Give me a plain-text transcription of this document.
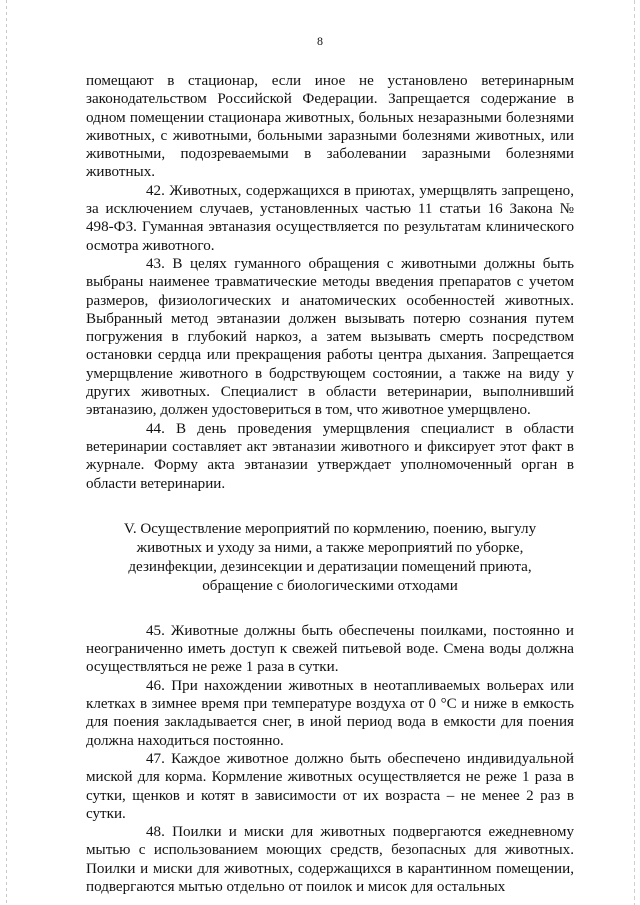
8

помещают в стационар, если иное не установлено ветеринарным законодательством Российской Федерации. Запрещается содержание в одном помещении стационара животных, больных незаразными болезнями животных, с животными, больными заразными болезнями животных, или животными, подозреваемыми в заболевании заразными болезнями животных.

42. Животных, содержащихся в приютах, умерщвлять запрещено, за исключением случаев, установленных частью 11 статьи 16 Закона № 498-ФЗ. Гуманная эвтаназия осуществляется по результатам клинического осмотра животного.

43. В целях гуманного обращения с животными должны быть выбраны наименее травматические методы введения препаратов с учетом размеров, физиологических и анатомических особенностей животных. Выбранный метод эвтаназии должен вызывать потерю сознания путем погружения в глубокий наркоз, а затем вызывать смерть посредством остановки сердца или прекращения работы центра дыхания. Запрещается умерщвление животного в бодрствующем состоянии, а также на виду у других животных. Специалист в области ветеринарии, выполнивший эвтаназию, должен удостовериться в том, что животное умерщвлено.

44. В день проведения умерщвления специалист в области ветеринарии составляет акт эвтаназии животного и фиксирует этот факт в журнале. Форму акта эвтаназии утверждает уполномоченный орган в области ветеринарии.

V. Осуществление мероприятий по кормлению, поению, выгулу
животных и уходу за ними, а также мероприятий по уборке,
дезинфекции, дезинсекции и дератизации помещений приюта,
обращение с биологическими отходами

45. Животные должны быть обеспечены поилками, постоянно и неограниченно иметь доступ к свежей питьевой воде. Смена воды должна осуществляться не реже 1 раза в сутки.

46. При нахождении животных в неотапливаемых вольерах или клетках в зимнее время при температуре воздуха от 0 °С и ниже в емкость для поения закладывается снег, в иной период вода в емкости для поения должна находиться постоянно.

47. Каждое животное должно быть обеспечено индивидуальной миской для корма. Кормление животных осуществляется не реже 1 раза в сутки, щенков и котят в зависимости от их возраста – не менее 2 раз в сутки.

48. Поилки и миски для животных подвергаются ежедневному мытью с использованием моющих средств, безопасных для животных. Поилки и миски для животных, содержащихся в карантинном помещении, подвергаются мытью отдельно от поилок и мисок для остальных
